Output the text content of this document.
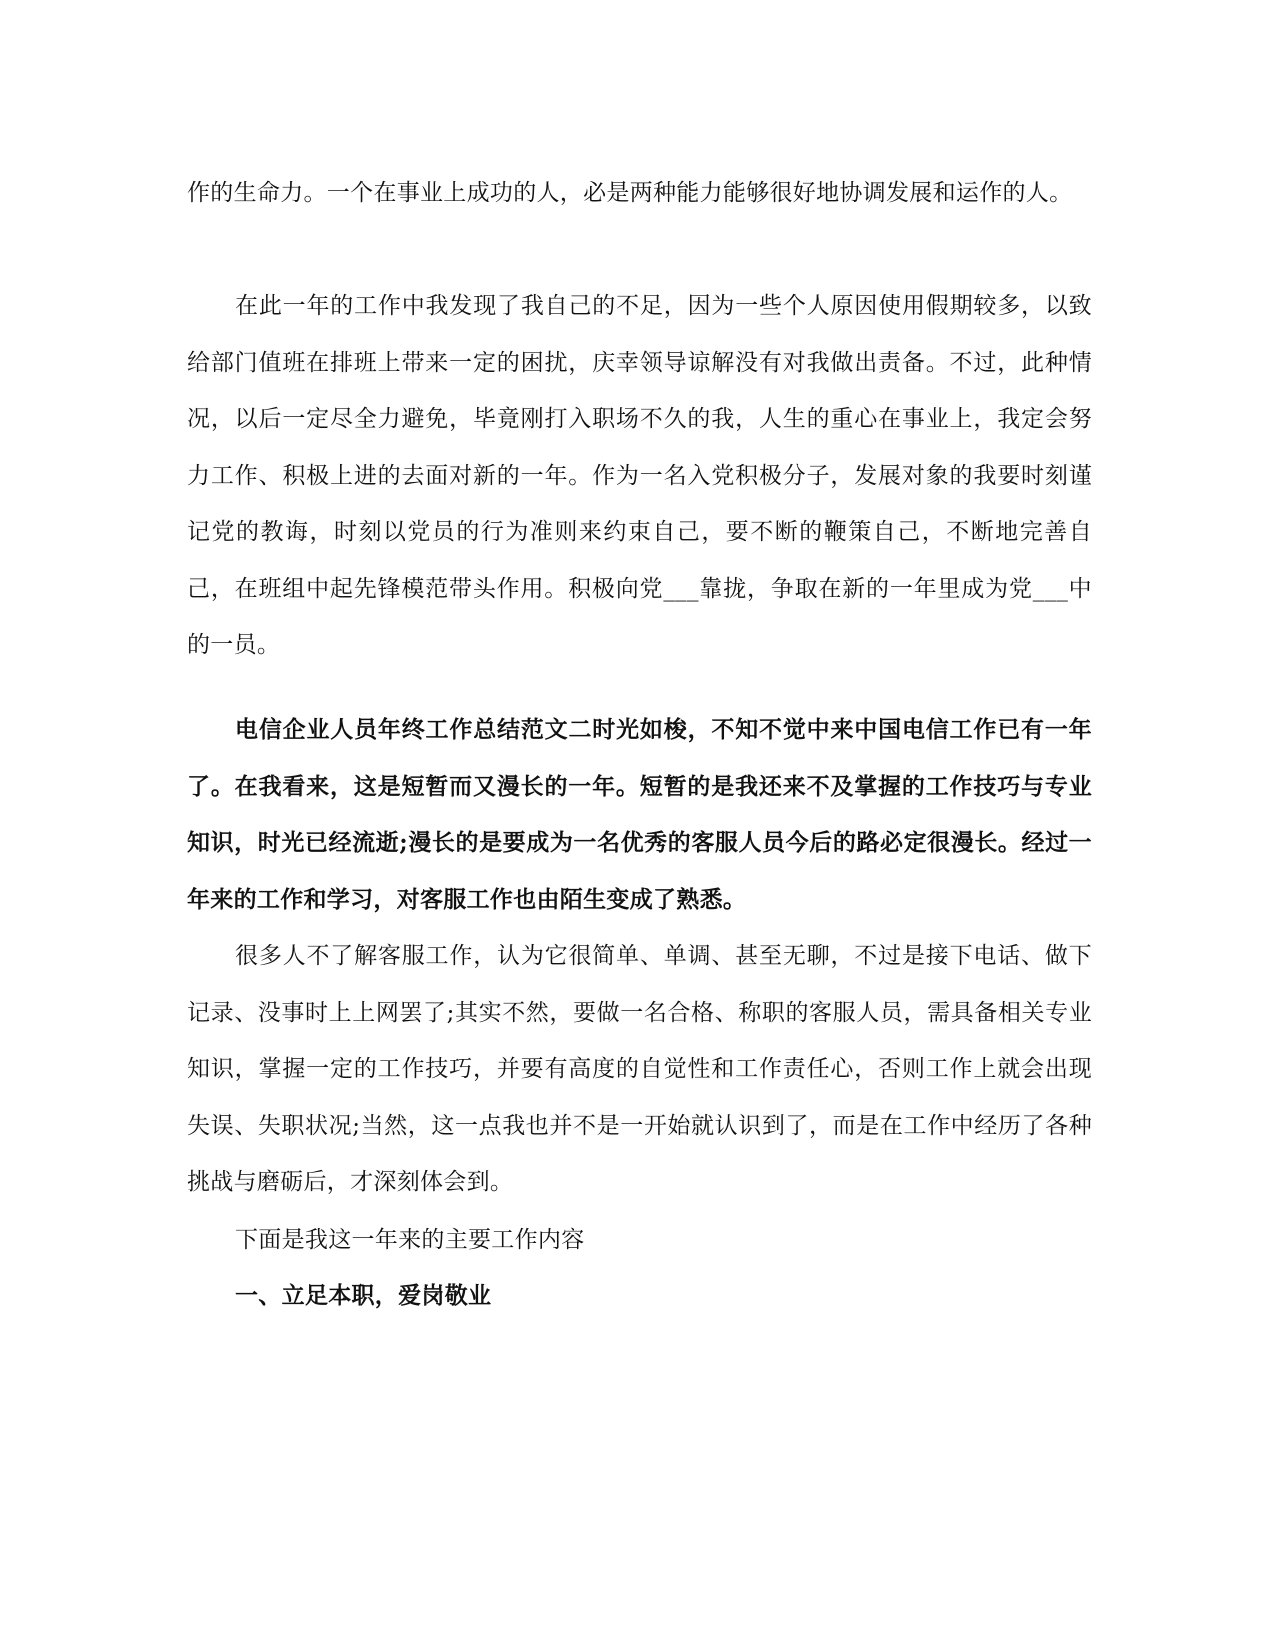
作的生命力。一个在事业上成功的人，必是两种能力能够很好地协调发展和运作的人。

在此一年的工作中我发现了我自己的不足，因为一些个人原因使用假期较多，以致给部门值班在排班上带来一定的困扰，庆幸领导谅解没有对我做出责备。不过，此种情况，以后一定尽全力避免，毕竟刚打入职场不久的我，人生的重心在事业上，我定会努力工作、积极上进的去面对新的一年。作为一名入党积极分子，发展对象的我要时刻谨记党的教诲，时刻以党员的行为准则来约束自己，要不断的鞭策自己，不断地完善自己，在班组中起先锋模范带头作用。积极向党___靠拢，争取在新的一年里成为党___中的一员。

电信企业人员年终工作总结范文二时光如梭，不知不觉中来中国电信工作已有一年了。在我看来，这是短暂而又漫长的一年。短暂的是我还来不及掌握的工作技巧与专业知识，时光已经流逝;漫长的是要成为一名优秀的客服人员今后的路必定很漫长。经过一年来的工作和学习，对客服工作也由陌生变成了熟悉。

很多人不了解客服工作，认为它很简单、单调、甚至无聊，不过是接下电话、做下记录、没事时上上网罢了;其实不然，要做一名合格、称职的客服人员，需具备相关专业知识，掌握一定的工作技巧，并要有高度的自觉性和工作责任心，否则工作上就会出现失误、失职状况;当然，这一点我也并不是一开始就认识到了，而是在工作中经历了各种挑战与磨砺后，才深刻体会到。

下面是我这一年来的主要工作内容

一、立足本职，爱岗敬业
